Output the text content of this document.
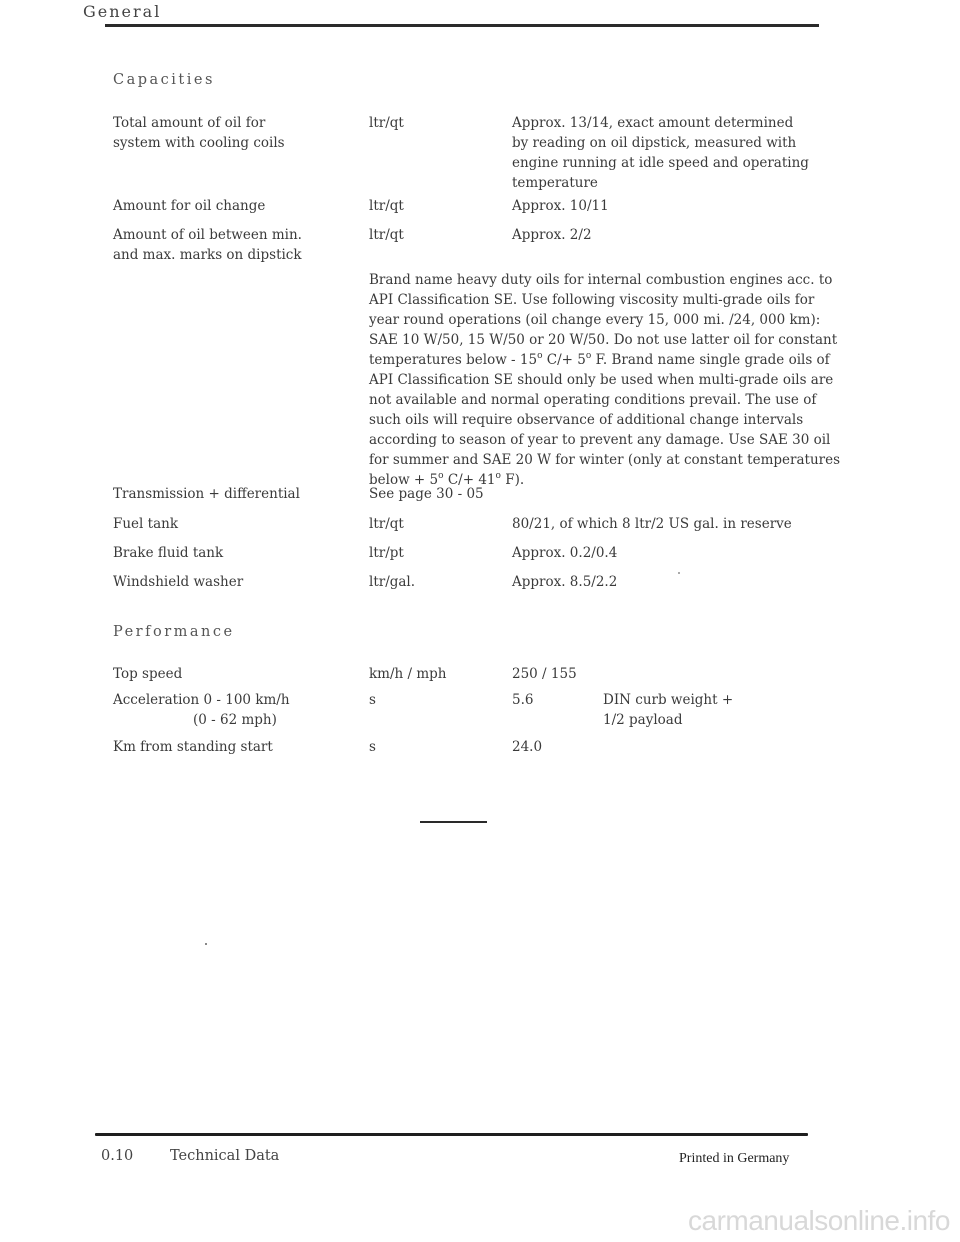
General
Capacities
Total amount of oil for
system with cooling coils
ltr/qt	Approx. 13/14, exact amount determined
by reading on oil dipstick, measured with
engine running at idle speed and operating
temperature
Amount for oil change	ltr/qt	Approx. 10/11
Amount of oil between min.
and max. marks on dipstick
ltr/qt	Approx. 2/2
Brand name heavy duty oils for internal combustion engines acc. to API Classification SE. Use following viscosity multi-grade oils for year round operations (oil change every 15, 000 mi. /24, 000 km): SAE 10 W/50, 15 W/50 or 20 W/50. Do not use latter oil for constant temperatures below - 15$^o$ $C/+ 5^o$ F. Brand name single grade oils of API Classification SE should only be used when multi-grade oils are not available and normal operating conditions prevail. The use of such oils will require observance of additional change intervals according to season of year to prevent any damage. Use SAE 30 oil for summer and SAE 20 W for winter (only at constant temperatures below + $5^o$ $C/+ 41^o$ F).
Transmission + differential	See page 30 - 05
Fuel tank	ltr/qt	80/21, of which 8 ltr/2 US gal. in reserve
Brake fluid tank	ltr/pt	Approx. 0.2/0.4
Windshield washer	ltr/gal.	Approx. 8.5/2.2
Performance
Top speed	km/h / mph	250 / 155
Acceleration 0 - 100 km/h
(0 - 62 mph)
s	5.6	DIN curb weight +
1/2 payload
Km from standing start	s	24.0
0.10	Technical Data	Printed in Germany
carmanualsonline.info
